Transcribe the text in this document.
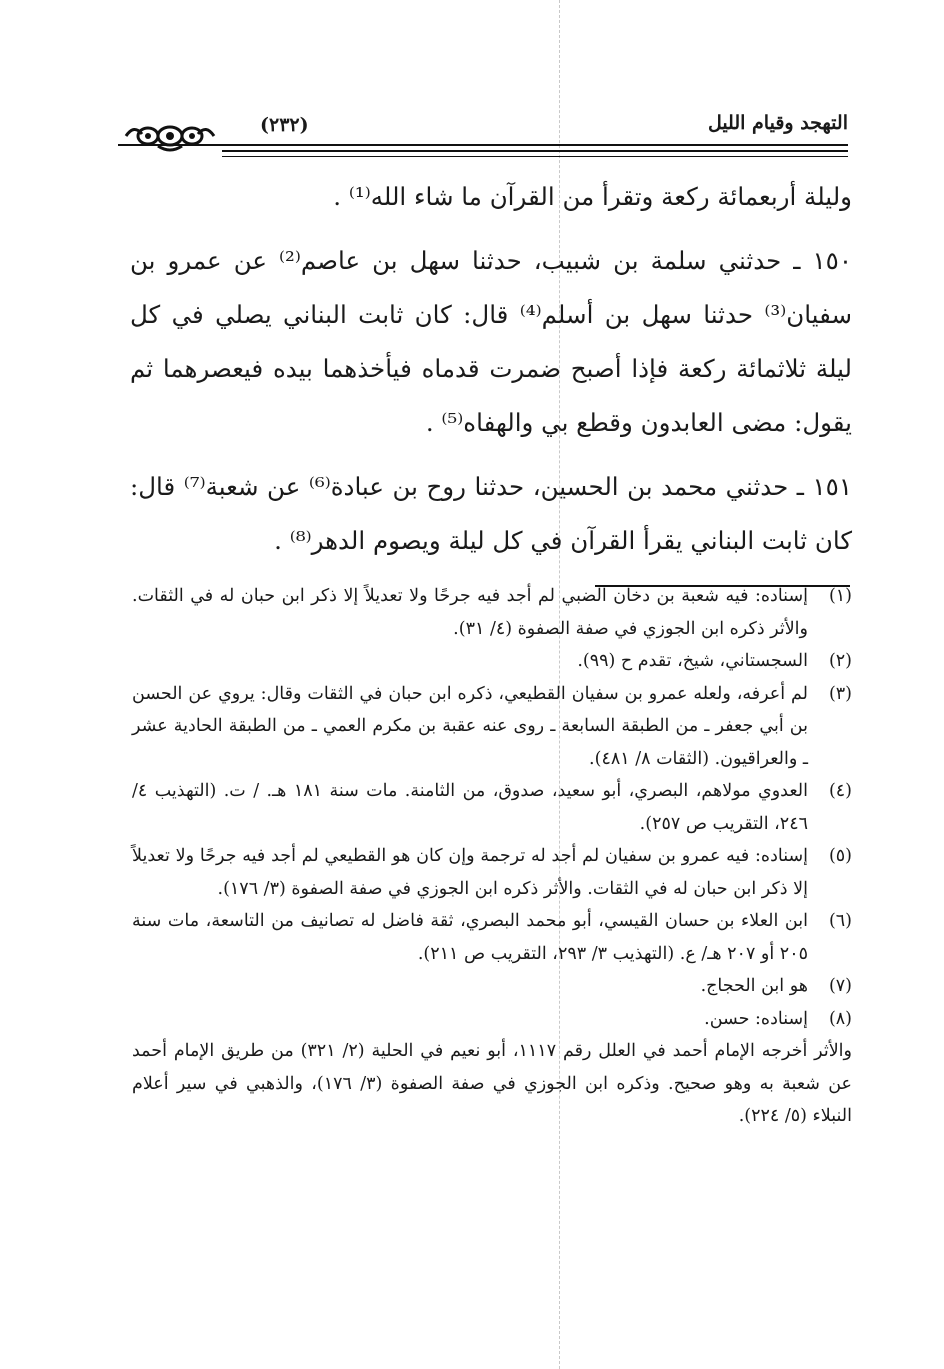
التهجد وقيام الليل
(٢٣٢)

وليلة أربعمائة ركعة وتقرأ من القرآن ما شاء الله⁽¹⁾ .

١٥٠ ـ حدثني سلمة بن شبيب، حدثنا سهل بن عاصم⁽²⁾ عن عمرو بن سفيان⁽³⁾ حدثنا سهل بن أسلم⁽⁴⁾ قال: كان ثابت البناني يصلي في كل ليلة ثلاثمائة ركعة فإذا أصبح ضمرت قدماه فيأخذهما بيده فيعصرهما ثم يقول: مضى العابدون وقطع بي والهفاه⁽⁵⁾ .

١٥١ ـ حدثني محمد بن الحسين، حدثنا روح بن عبادة⁽⁶⁾ عن شعبة⁽⁷⁾ قال: كان ثابت البناني يقرأ القرآن في كل ليلة ويصوم الدهر⁽⁸⁾ .

(١)
إسناده: فيه شعبة بن دخان الضبي لم أجد فيه جرحًا ولا تعديلاً إلا ذكر ابن حبان له في الثقات. والأثر ذكره ابن الجوزي في صفة الصفوة (٤/ ٣١).
(٢)
السجستاني، شيخ، تقدم ح (٩٩).
(٣)
لم أعرفه، ولعله عمرو بن سفيان القطيعي، ذكره ابن حبان في الثقات وقال: يروي عن الحسن بن أبي جعفر ـ من الطبقة السابعة ـ روى عنه عقبة بن مكرم العمي ـ من الطبقة الحادية عشر ـ والعراقيون. (الثقات ٨/ ٤٨١).
(٤)
العدوي مولاهم، البصري، أبو سعيد، صدوق، من الثامنة. مات سنة ١٨١ هـ. / ت. (التهذيب ٤/ ٢٤٦، التقريب ص ٢٥٧).
(٥)
إسناده: فيه عمرو بن سفيان لم أجد له ترجمة وإن كان هو القطيعي لم أجد فيه جرحًا ولا تعديلاً إلا ذكر ابن حبان له في الثقات. والأثر ذكره ابن الجوزي في صفة الصفوة (٣/ ١٧٦).
(٦)
ابن العلاء بن حسان القيسي، أبو محمد البصري، ثقة فاضل له تصانيف من التاسعة، مات سنة ٢٠٥ أو ٢٠٧ هـ/ ع. (التهذيب ٣/ ٢٩٣، التقريب ص ٢١١).
(٧)
هو ابن الحجاج.
(٨)
إسناده: حسن.
والأثر أخرجه الإمام أحمد في العلل رقم ١١١٧، أبو نعيم في الحلية (٢/ ٣٢١) من طريق الإمام أحمد عن شعبة به وهو صحيح. وذكره ابن الجوزي في صفة الصفوة (٣/ ١٧٦)، والذهبي في سير أعلام النبلاء (٥/ ٢٢٤).
